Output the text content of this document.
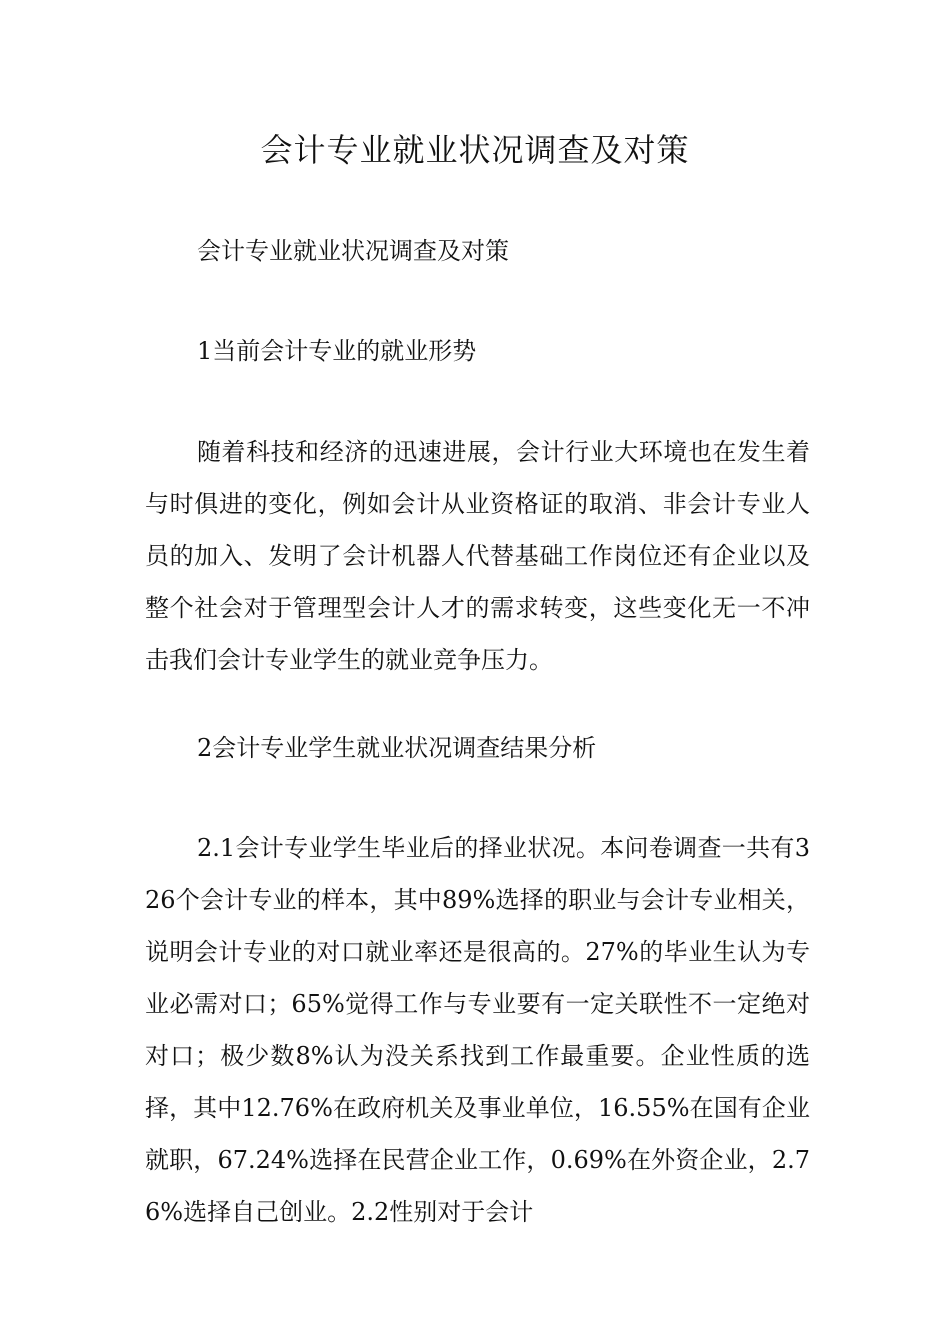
会计专业就业状况调查及对策

会计专业就业状况调查及对策

1当前会计专业的就业形势

随着科技和经济的迅速进展，会计行业大环境也在发生着与时俱进的变化，例如会计从业资格证的取消、非会计专业人员的加入、发明了会计机器人代替基础工作岗位还有企业以及整个社会对于管理型会计人才的需求转变，这些变化无一不冲击我们会计专业学生的就业竞争压力。

2会计专业学生就业状况调查结果分析

2.1会计专业学生毕业后的择业状况。本问卷调查一共有326个会计专业的样本，其中89%选择的职业与会计专业相关，说明会计专业的对口就业率还是很高的。27%的毕业生认为专业必需对口；65%觉得工作与专业要有一定关联性不一定绝对对口；极少数8%认为没关系找到工作最重要。企业性质的选择，其中12.76%在政府机关及事业单位，16.55%在国有企业就职，67.24%选择在民营企业工作，0.69%在外资企业，2.76%选择自己创业。2.2性别对于会计
